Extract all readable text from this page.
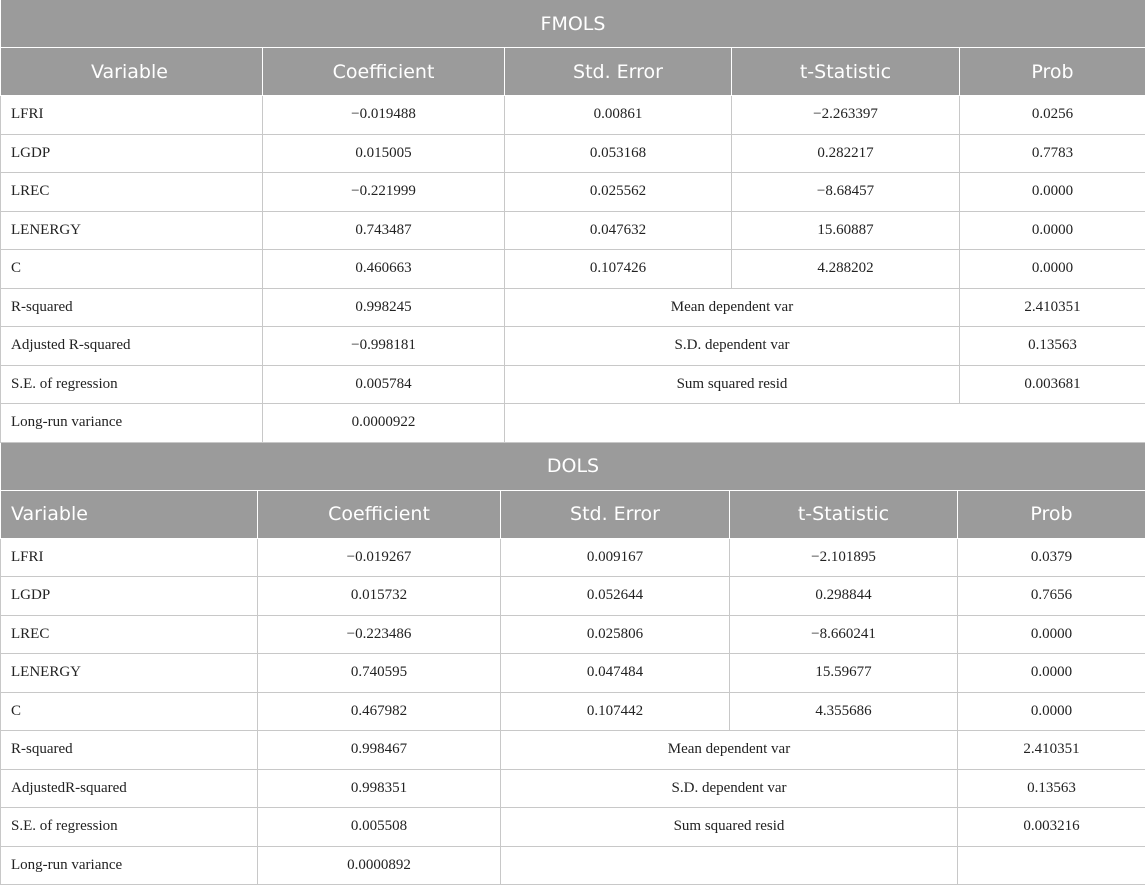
FMOLS				
Variable	Coefficient	Std. Error	t-Statistic	Prob
LFRI	−0.019488	0.00861	−2.263397	0.0256
LGDP	0.015005	0.053168	0.282217	0.7783
LREC	−0.221999	0.025562	−8.68457	0.0000
LENERGY	0.743487	0.047632	15.60887	0.0000
C	0.460663	0.107426	4.288202	0.0000
R-squared	0.998245	Mean dependent var		2.410351
Adjusted R-squared	−0.998181	S.D. dependent var		0.13563
S.E. of regression	0.005784	Sum squared resid		0.003681
Long-run variance	0.0000922			
DOLS				
Variable	Coefficient	Std. Error	t-Statistic	Prob
LFRI	−0.019267	0.009167	−2.101895	0.0379
LGDP	0.015732	0.052644	0.298844	0.7656
LREC	−0.223486	0.025806	−8.660241	0.0000
LENERGY	0.740595	0.047484	15.59677	0.0000
C	0.467982	0.107442	4.355686	0.0000
R-squared	0.998467	Mean dependent var		2.410351
AdjustedR-squared	0.998351	S.D. dependent var		0.13563
S.E. of regression	0.005508	Sum squared resid		0.003216
Long-run variance	0.0000892			
